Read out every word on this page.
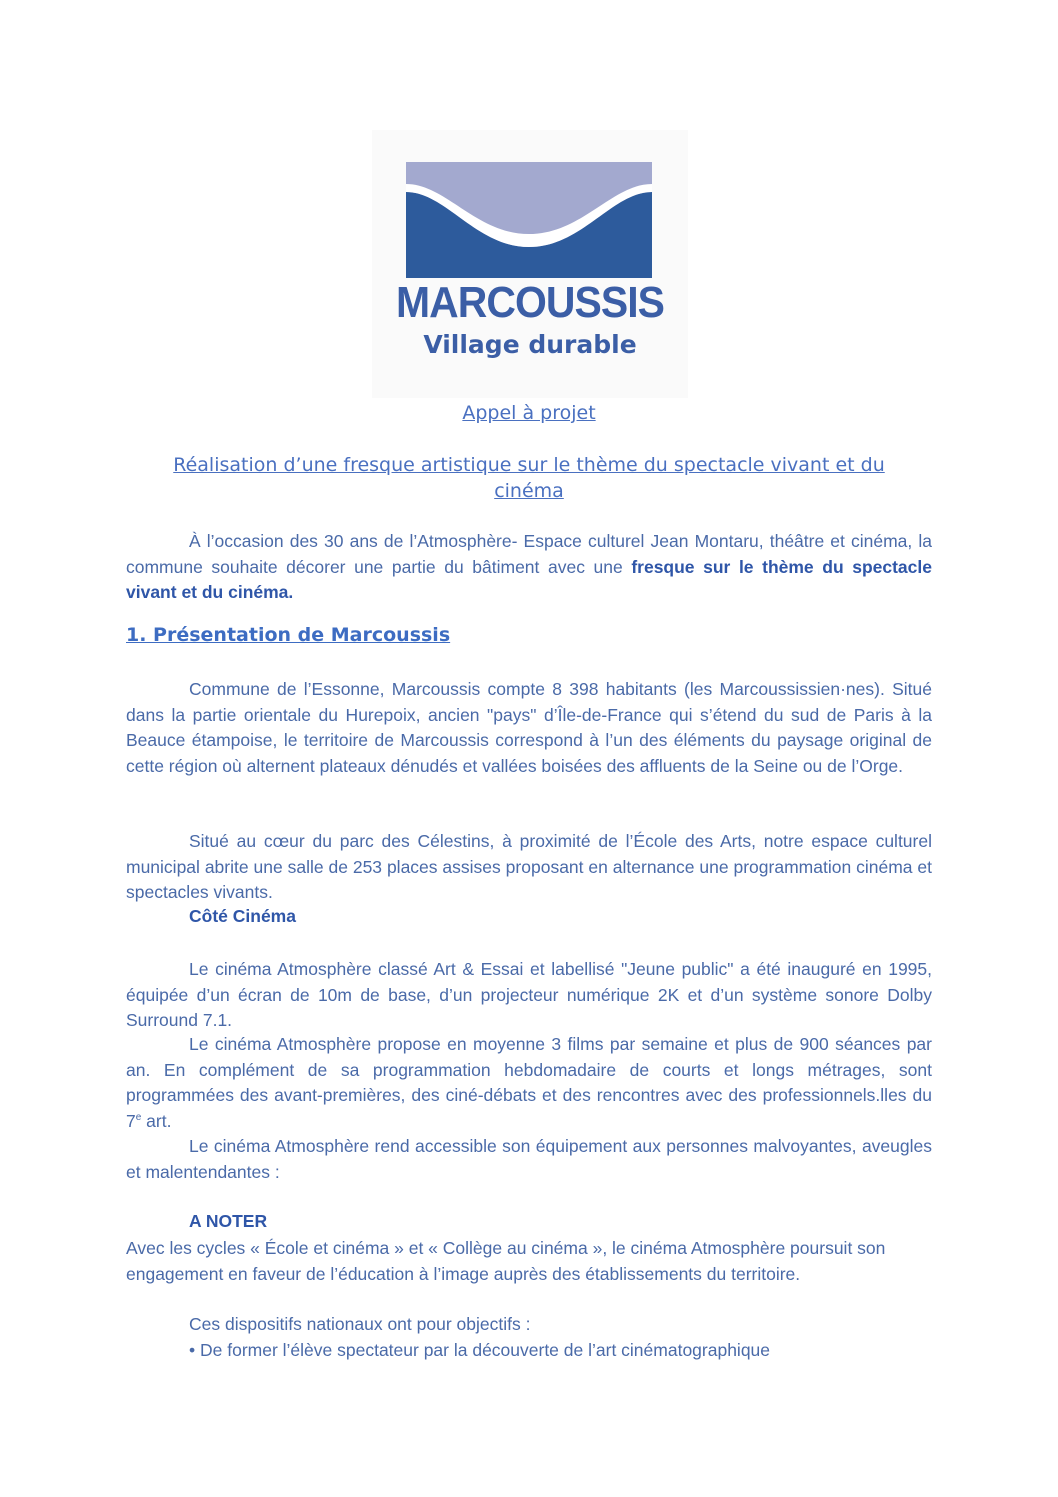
MARCOUSSIS
Village durable
Appel à projet
Réalisation d’une fresque artistique sur le thème du spectacle vivant et du cinéma
À l’occasion des 30 ans de l’Atmosphère- Espace culturel Jean Montaru, théâtre et cinéma, la commune souhaite décorer une partie du bâtiment avec une fresque sur le thème du spectacle vivant et du cinéma.
1. Présentation de Marcoussis
Commune de l’Essonne, Marcoussis compte 8 398 habitants (les Marcoussissien·nes). Situé dans la partie orientale du Hurepoix, ancien "pays" d’Île-de-France qui s’étend du sud de Paris à la Beauce étampoise, le territoire de Marcoussis correspond à l’un des éléments du paysage original de cette région où alternent plateaux dénudés et vallées boisées des affluents de la Seine ou de l’Orge.
Situé au cœur du parc des Célestins, à proximité de l’École des Arts, notre espace culturel municipal abrite une salle de 253 places assises proposant en alternance une programmation cinéma et spectacles vivants.
Côté Cinéma
Le cinéma Atmosphère classé Art & Essai et labellisé "Jeune public" a été inauguré en 1995, équipée d’un écran de 10m de base, d’un projecteur numérique 2K et d’un système sonore Dolby Surround 7.1.
Le cinéma Atmosphère propose en moyenne 3 films par semaine et plus de 900 séances par an. En complément de sa programmation hebdomadaire de courts et longs métrages, sont programmées des avant-premières, des ciné-débats et des rencontres avec des professionnels.lles du 7e art.
Le cinéma Atmosphère rend accessible son équipement aux personnes malvoyantes, aveugles et malentendantes :
A NOTER
Avec les cycles « École et cinéma » et « Collège au cinéma », le cinéma Atmosphère poursuit son engagement en faveur de l’éducation à l’image auprès des établissements du territoire.
Ces dispositifs nationaux ont pour objectifs :
• De former l’élève spectateur par la découverte de l’art cinématographique
